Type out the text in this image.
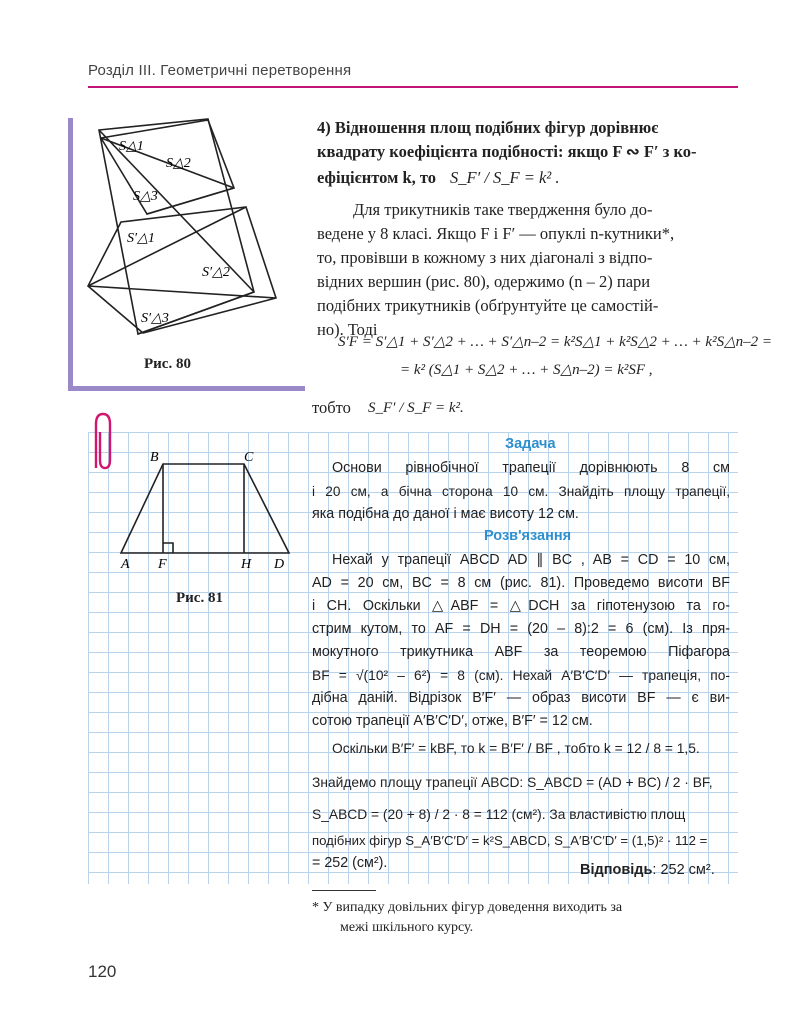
Розділ ІІІ. Геометричні перетворення
S△1
S△2
S△3
S′△1
S′△2
S′△3
Рис. 80
4) Відношення площ подібних фігур дорівнює
квадрату коефіцієнта подібності: якщо F ∾ F′ з ко-
ефіцієнтом k, то S_F′ / S_F = k² .
Для трикутників таке твердження було до-
ведене у 8 класі. Якщо F і F′ — опуклі n-кутники*,
то, провівши в кожному з них діагоналі з відпо-
відних вершин (рис. 80), одержимо (n – 2) пари
подібних трикутників (обґрунтуйте це самостій-
но). Тоді
S′F = S′△1 + S′△2 + … + S′△n–2 = k²S△1 + k²S△2 + … + k²S△n–2 =
= k² (S△1 + S△2 + … + S△n–2) = k²SF ,
тобто S_F′ / S_F = k².
B	C
A F	H D
Рис. 81
Задача
Основи рівнобічної трапеції дорівнюють 8 см
і 20 см, а бічна сторона 10 см. Знайдіть площу трапеції,
яка подібна до даної і має висоту 12 см.
Розв'язання
Нехай у трапеції ABCD AD ∥ BC , AB = CD = 10 см,
AD = 20 см, BC = 8 см (рис. 81). Проведемо висоти BF
і CH. Оскільки △ABF = △DCH за гіпотенузою та го-
стрим кутом, то AF = DH = (20 – 8):2 = 6 (см). Із пря-
мокутного трикутника ABF за теоремою Піфагора
BF = √(10² – 6²) = 8 (см). Нехай A′B′C′D′ — трапеція, по-
дібна даній. Відрізок B′F′ — образ висоти BF — є ви-
сотою трапеції A′B′C′D′, отже, B′F′ = 12 см.
Оскільки B′F′ = kBF, то k = B′F′ / BF , тобто k = 12 / 8 = 1,5.
Знайдемо площу трапеції ABCD: S_ABCD = (AD + BC) / 2 · BF,
S_ABCD = (20 + 8) / 2 · 8 = 112 (см²). За властивістю площ
подібних фігур S_A′B′C′D′ = k²S_ABCD, S_A′B′C′D′ = (1,5)² · 112 =
= 252 (см²).	Відповідь: 252 см².
* У випадку довільних фігур доведення виходить за
межі шкільного курсу.
120
